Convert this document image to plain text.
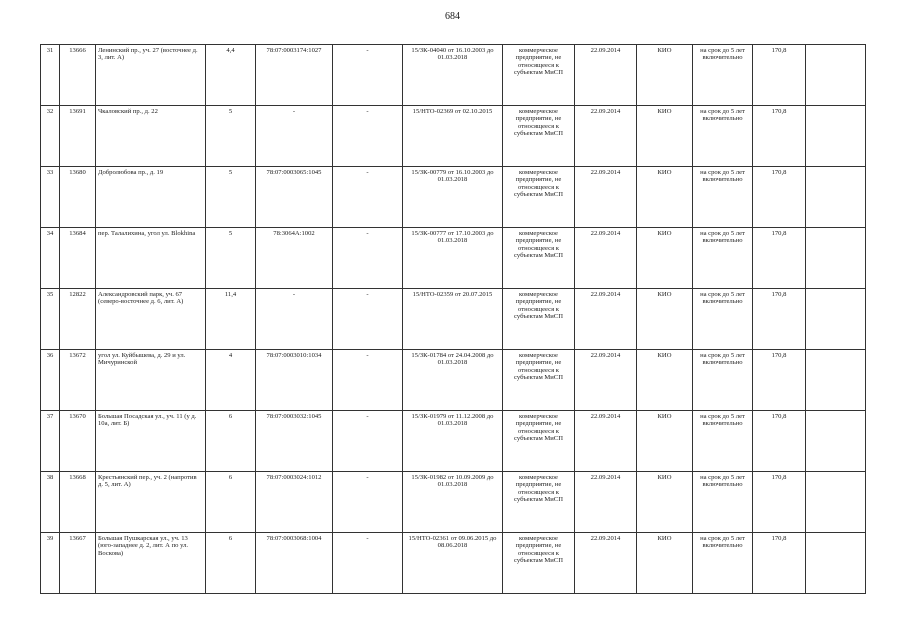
684
31	13666	Ленинский пр., уч. 27 (восточнее д. 3, лит. А)	4,4	78:07:0003174:1027	-	15/ЗК-04040 от 16.10.2003 до 01.03.2018	коммерческое предприятие, не относящееся к субъектам МиСП	22.09.2014	КИО	на срок до 5 лет включительно	170,8	
32	13691	Чкаловский пр., д. 22	5	-	-	15/НТО-02369 от 02.10.2015	коммерческое предприятие, не относящееся к субъектам МиСП	22.09.2014	КИО	на срок до 5 лет включительно	170,8	
33	13680	Добролюбова пр., д. 19	5	78:07:0003065:1045	-	15/ЗК-00779 от 16.10.2003 до 01.03.2018	коммерческое предприятие, не относящееся к субъектам МиСП	22.09.2014	КИО	на срок до 5 лет включительно	170,8	
34	13684	пер. Талалихина, угол ул. Blokhina	5	78:3064А:1002	-	15/ЗК-00777 от 17.10.2003 до 01.03.2018	коммерческое предприятие, не относящееся к субъектам МиСП	22.09.2014	КИО	на срок до 5 лет включительно	170,8	
35	12822	Александровский парк, уч. 67 (северо-восточнее д. 6, лит. А)	11,4	-	-	15/НТО-02359 от 20.07.2015	коммерческое предприятие, не относящееся к субъектам МиСП	22.09.2014	КИО	на срок до 5 лет включительно	170,8	
36	13672	угол ул. Куйбышева, д. 29 и ул. Мичуринской	4	78:07:0003010:1034	-	15/ЗК-01784 от 24.04.2008 до 01.03.2018	коммерческое предприятие, не относящееся к субъектам МиСП	22.09.2014	КИО	на срок до 5 лет включительно	170,8	
37	13670	Большая Посадская ул., уч. 11 (у д. 10а, лит. Б)	6	78:07:0003032:1045	-	15/ЗК-01979 от 11.12.2008 до 01.03.2018	коммерческое предприятие, не относящееся к субъектам МиСП	22.09.2014	КИО	на срок до 5 лет включительно	170,8	
38	13668	Крестьянский пер., уч. 2 (напротив д. 5, лит. А)	6	78:07:0003024:1012	-	15/ЗК-01982 от 10.09.2009 до 01.03.2018	коммерческое предприятие, не относящееся к субъектам МиСП	22.09.2014	КИО	на срок до 5 лет включительно	170,8	
39	13667	Большая Пушкарская ул., уч. 13 (юго-западнее д. 2, лит. А по ул. Воскова)	6	78:07:0003068:1004	-	15/НТО-02361 от 09.06.2015 до 08.06.2018	коммерческое предприятие, не относящееся к субъектам МиСП	22.09.2014	КИО	на срок до 5 лет включительно	170,8	
